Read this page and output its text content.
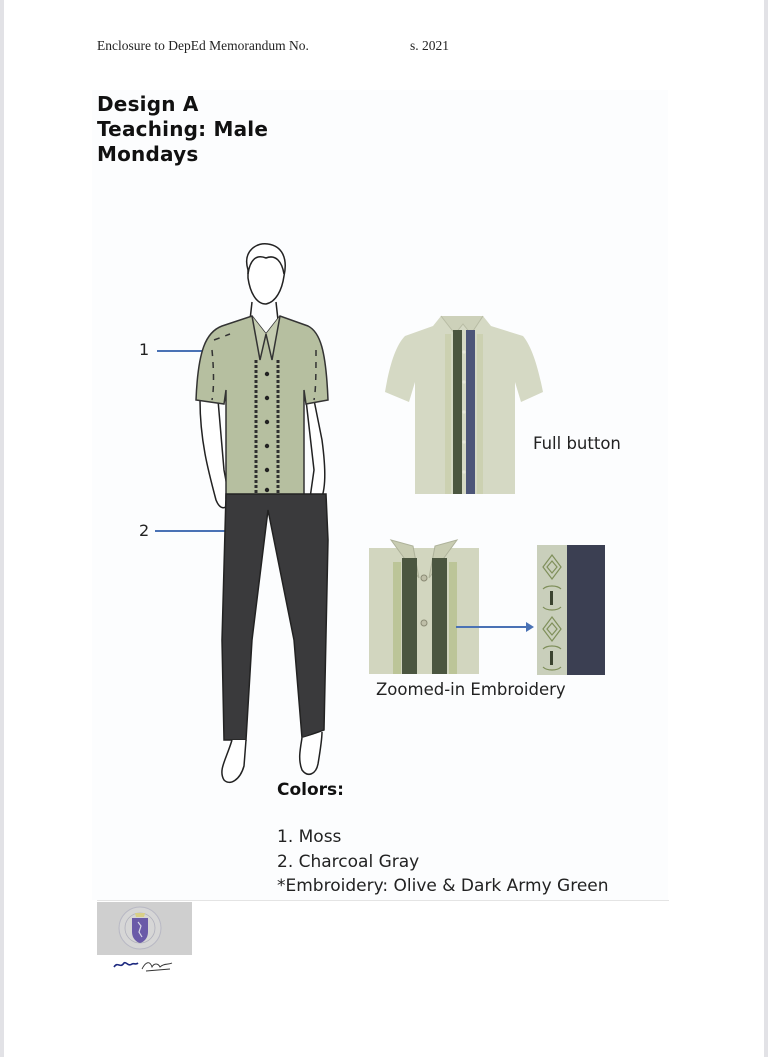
Enclosure to DepEd Memorandum No.	s. 2021
Design A
Teaching: Male
Mondays
1
2
Full button
Zoomed-in Embroidery
Colors:
1. Moss
2. Charcoal Gray
*Embroidery: Olive & Dark Army Green
